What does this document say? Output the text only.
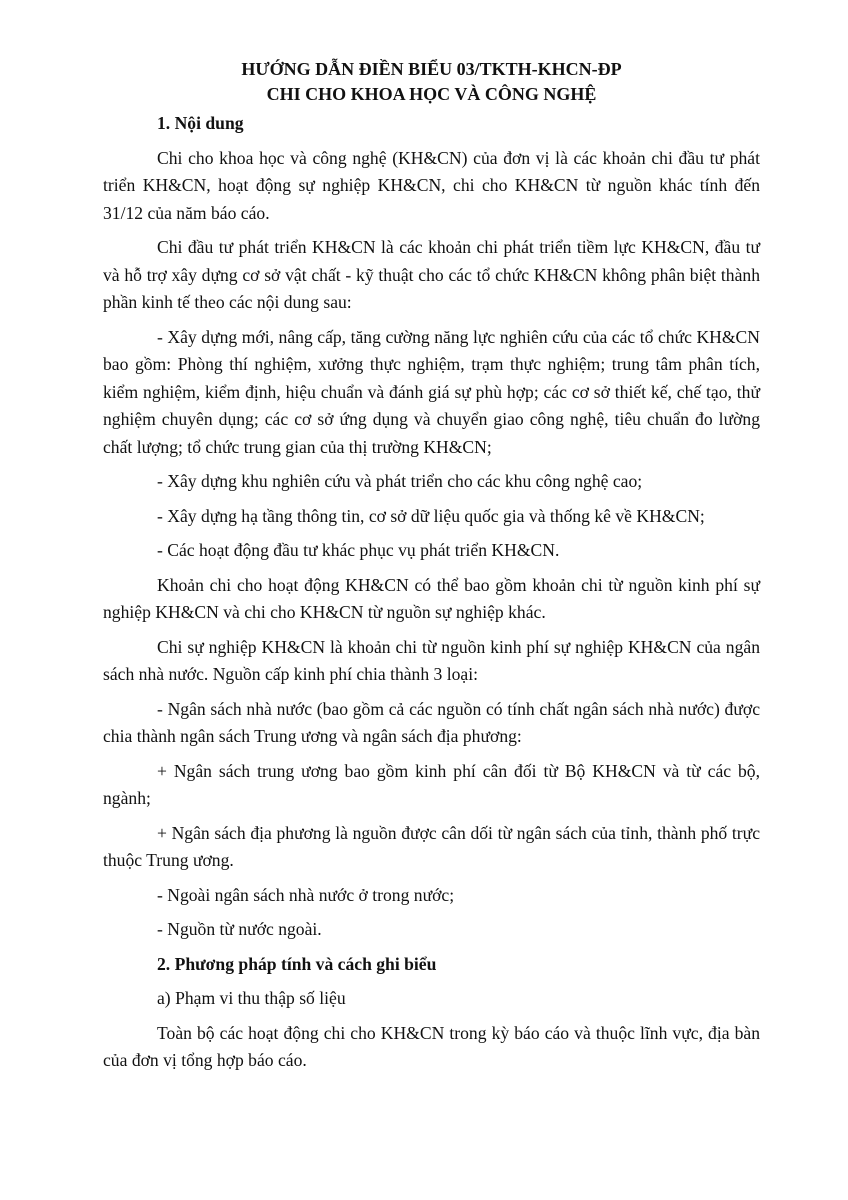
HƯỚNG DẪN ĐIỀN BIỂU 03/TKTH-KHCN-ĐP

CHI CHO KHOA HỌC VÀ CÔNG NGHỆ

1. Nội dung

Chi cho khoa học và công nghệ (KH&CN) của đơn vị là các khoản chi đầu tư phát triển KH&CN, hoạt động sự nghiệp KH&CN, chi cho KH&CN từ nguồn khác tính đến 31/12 của năm báo cáo.

Chi đầu tư phát triển KH&CN là các khoản chi phát triển tiềm lực KH&CN, đầu tư và hỗ trợ xây dựng cơ sở vật chất - kỹ thuật cho các tổ chức KH&CN không phân biệt thành phần kinh tế theo các nội dung sau:

- Xây dựng mới, nâng cấp, tăng cường năng lực nghiên cứu của các tổ chức KH&CN bao gồm: Phòng thí nghiệm, xưởng thực nghiệm, trạm thực nghiệm; trung tâm phân tích, kiểm nghiệm, kiểm định, hiệu chuẩn và đánh giá sự phù hợp; các cơ sở thiết kế, chế tạo, thử nghiệm chuyên dụng; các cơ sở ứng dụng và chuyển giao công nghệ, tiêu chuẩn đo lường chất lượng; tổ chức trung gian của thị trường KH&CN;

- Xây dựng khu nghiên cứu và phát triển cho các khu công nghệ cao;

- Xây dựng hạ tầng thông tin, cơ sở dữ liệu quốc gia và thống kê về KH&CN;

- Các hoạt động đầu tư khác phục vụ phát triển KH&CN.

Khoản chi cho hoạt động KH&CN có thể bao gồm khoản chi từ nguồn kinh phí sự nghiệp KH&CN và chi cho KH&CN từ nguồn sự nghiệp khác.

Chi sự nghiệp KH&CN là khoản chi từ nguồn kinh phí sự nghiệp KH&CN của ngân sách nhà nước. Nguồn cấp kinh phí chia thành 3 loại:

- Ngân sách nhà nước (bao gồm cả các nguồn có tính chất ngân sách nhà nước) được chia thành ngân sách Trung ương và ngân sách địa phương:

+ Ngân sách trung ương bao gồm kinh phí cân đối từ Bộ KH&CN và từ các bộ, ngành;

+ Ngân sách địa phương là nguồn được cân dối từ ngân sách của tỉnh, thành phố trực thuộc Trung ương.

- Ngoài ngân sách nhà nước ở trong nước;

- Nguồn từ nước ngoài.

2. Phương pháp tính và cách ghi biểu

a) Phạm vi thu thập số liệu

Toàn bộ các hoạt động chi cho KH&CN trong kỳ báo cáo và thuộc lĩnh vực, địa bàn của đơn vị tổng hợp báo cáo.
